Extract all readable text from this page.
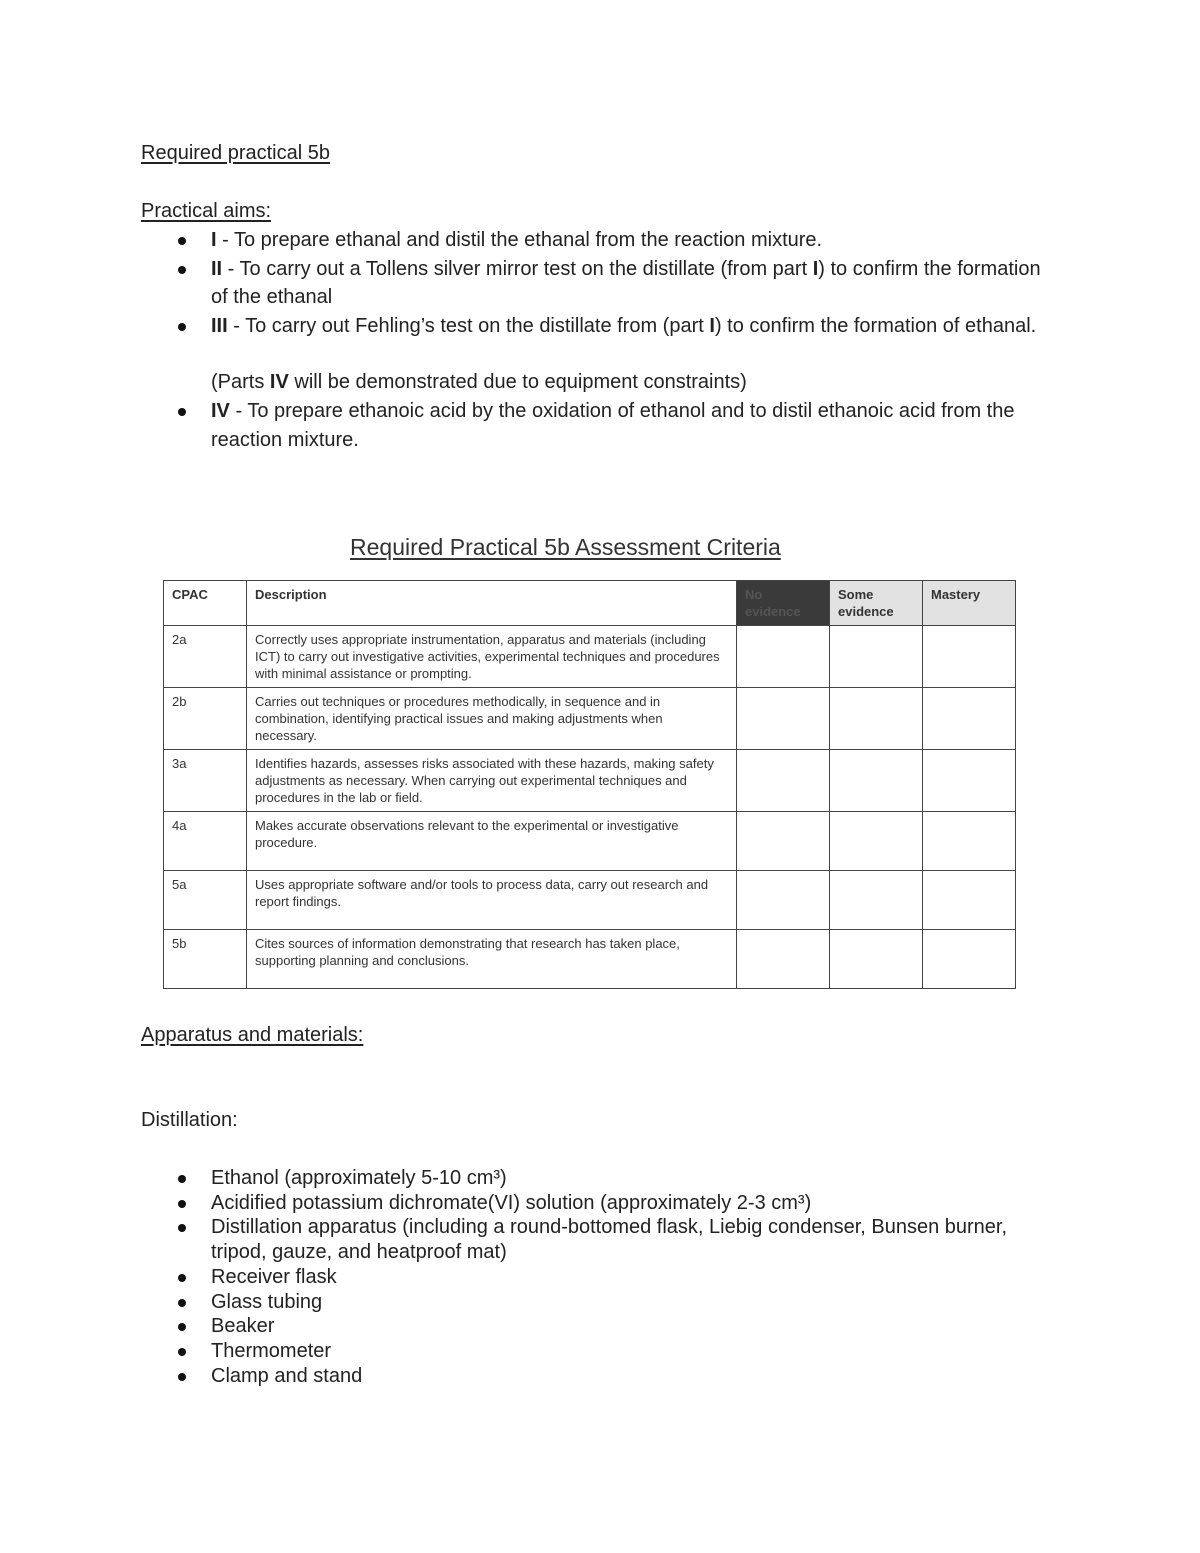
Required practical 5b
Practical aims:
I - To prepare ethanal and distil the ethanal from the reaction mixture.
II - To carry out a Tollens silver mirror test on the distillate (from part I) to confirm the formation of the ethanal
III - To carry out Fehling’s test on the distillate from (part I) to confirm the formation of ethanal.
(Parts IV will be demonstrated due to equipment constraints)
IV - To prepare ethanoic acid by the oxidation of ethanol and to distil ethanoic acid from the reaction mixture.
Required Practical 5b Assessment Criteria
CPAC	Description	No evidence	Some evidence	Mastery
2a	Correctly uses appropriate instrumentation, apparatus and materials (including ICT) to carry out investigative activities, experimental techniques and procedures with minimal assistance or prompting.			
2b	Carries out techniques or procedures methodically, in sequence and in combination, identifying practical issues and making adjustments when necessary.			
3a	Identifies hazards, assesses risks associated with these hazards, making safety adjustments as necessary. When carrying out experimental techniques and procedures in the lab or field.			
4a	Makes accurate observations relevant to the experimental or investigative procedure.			
5a	Uses appropriate software and/or tools to process data, carry out research and report findings.			
5b	Cites sources of information demonstrating that research has taken place, supporting planning and conclusions.			
Apparatus and materials:
Distillation:
Ethanol (approximately 5-10 cm³)
Acidified potassium dichromate(VI) solution (approximately 2-3 cm³)
Distillation apparatus (including a round-bottomed flask, Liebig condenser, Bunsen burner, tripod, gauze, and heatproof mat)
Receiver flask
Glass tubing
Beaker
Thermometer
Clamp and stand
